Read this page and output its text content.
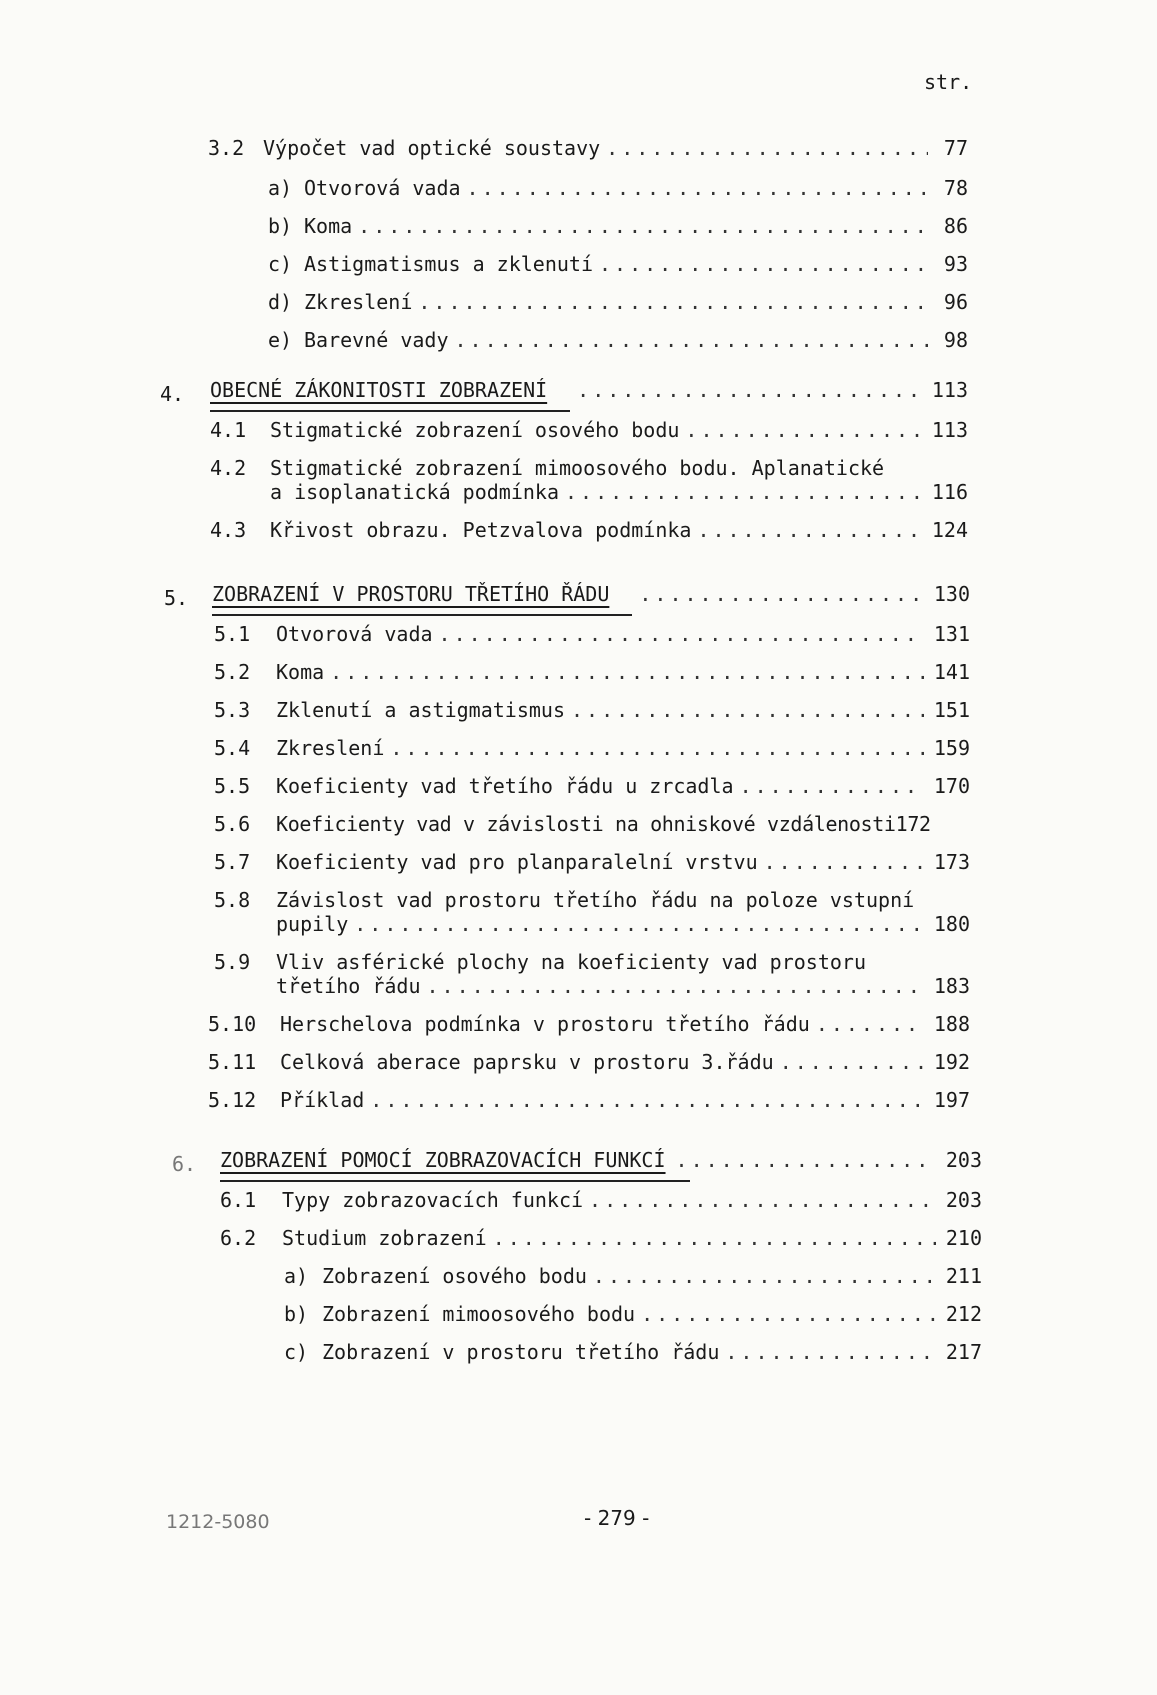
str.
3.2 Výpočet vad optické soustavy .....	77
a) Otvorová vada .....	78
b) Koma .....	86
c) Astigmatismus a zklenutí .....	93
d) Zkreslení .....	96
e) Barevné vady .....	98
4. OBECNÉ ZÁKONITOSTI ZOBRAZENÍ .....	113
4.1	Stigmatické zobrazení osového bodu .....	113
4.2 Stigmatické zobrazení mimoosového bodu. Aplanatické
a isoplanatická podmínka .....	116
4.3	Křivost obrazu. Petzvalova podmínka .....	124
5. ZOBRAZENÍ V PROSTORU TŘETÍHO ŘÁDU .....	130
5.1	Otvorová vada .....	131
5.2	Koma .....	141
5.3	Zklenutí a astigmatismus .....	151
5.4	Zkreslení .....	159
5.5	Koeficienty vad třetího řádu u zrcadla .....	170
5.6 Koeficienty vad v závislosti na ohniskové vzdálenosti172
5.7	Koeficienty vad pro planparalelní vrstvu .....	173
5.8 Závislost vad prostoru třetího řádu na poloze vstupní
pupily .....	180
5.9 Vliv asférické plochy na koeficienty vad prostoru
třetího řádu .....	183
5.10	Herschelova podmínka v prostoru třetího řádu .....	188
5.11	Celková aberace paprsku v prostoru 3.řádu .....	192
5.12	Příklad .....	197
6. ZOBRAZENÍ POMOCÍ ZOBRAZOVACÍCH FUNKCÍ .....	203
6.1	Typy zobrazovacích funkcí .....	203
6.2	Studium zobrazení .....	210
a) Zobrazení osového bodu .....	211
b) Zobrazení mimoosového bodu .....	212
c) Zobrazení v prostoru třetího řádu .....	217
1212-5080	- 279 -
